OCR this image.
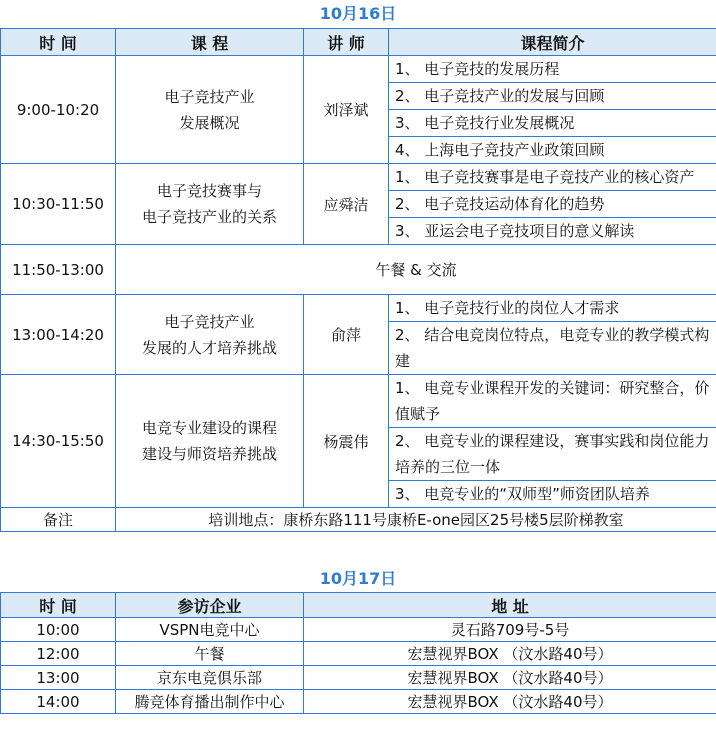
10月16日
时 间	课 程	讲 师	课程简介
9:00-10:20	电子竞技产业
发展概况	刘泽斌	1、 电子竞技的发展历程
			2、 电子竞技产业的发展与回顾
			3、 电子竞技行业发展概况
			4、 上海电子竞技产业政策回顾
10:30-11:50	电子竞技赛事与
电子竞技产业的关系	应舜洁	1、 电子竞技赛事是电子竞技产业的核心资产
			2、 电子竞技运动体育化的趋势
			3、 亚运会电子竞技项目的意义解读
11:50-13:00	午餐 & 交流		
13:00-14:20	电子竞技产业
发展的人才培养挑战	俞萍	1、 电子竞技行业的岗位人才需求
			2、 结合电竞岗位特点，电竞专业的教学模式构建
14:30-15:50	电竞专业建设的课程
建设与师资培养挑战	杨震伟	1、 电竞专业课程开发的关键词：研究整合，价值赋予
			2、 电竞专业的课程建设，赛事实践和岗位能力培养的三位一体
			3、 电竞专业的“双师型”师资团队培养
备注	培训地点：康桥东路111号康桥E-one园区25号楼5层阶梯教室		
10月17日
时 间	参访企业	地 址
10:00	VSPN电竞中心	灵石路709号-5号
12:00	午餐	宏慧视界BOX （汶水路40号）
13:00	京东电竞俱乐部	宏慧视界BOX （汶水路40号）
14:00	腾竞体育播出制作中心	宏慧视界BOX （汶水路40号）
